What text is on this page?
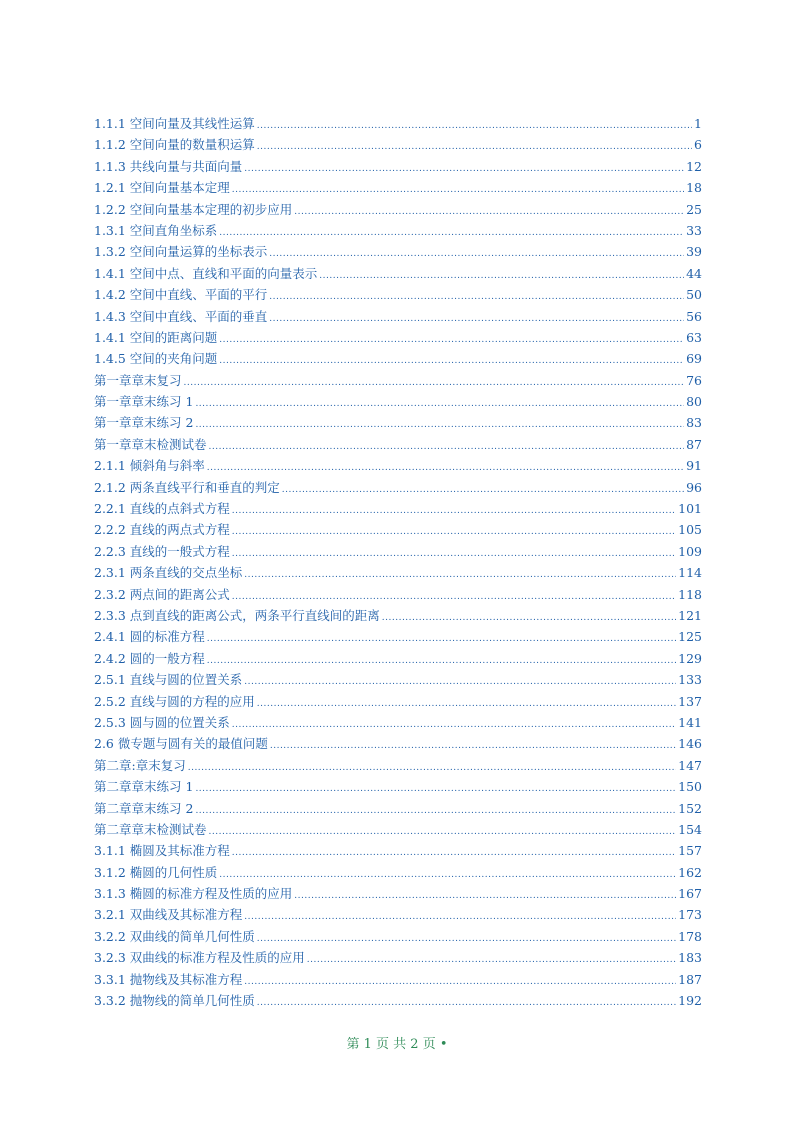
1.1.1 空间向量及其线性运算 .....	1
1.1.2 空间向量的数量积运算 .....	6
1.1.3 共线向量与共面向量 .....	12
1.2.1 空间向量基本定理 .....	18
1.2.2 空间向量基本定理的初步应用 .....	25
1.3.1 空间直角坐标系 .....	33
1.3.2 空间向量运算的坐标表示 .....	39
1.4.1 空间中点、直线和平面的向量表示 .....	44
1.4.2 空间中直线、平面的平行 .....	50
1.4.3 空间中直线、平面的垂直 .....	56
1.4.1 空间的距离问题 .....	63
1.4.5 空间的夹角问题 .....	69
第一章章末复习 .....	76
第一章章末练习 1 .....	80
第一章章末练习 2 .....	83
第一章章末检测试卷 .....	87
2.1.1 倾斜角与斜率 .....	91
2.1.2 两条直线平行和垂直的判定 .....	96
2.2.1 直线的点斜式方程 .....	101
2.2.2 直线的两点式方程 .....	105
2.2.3 直线的一般式方程 .....	109
2.3.1 两条直线的交点坐标 .....	114
2.3.2 两点间的距离公式 .....	118
2.3.3 点到直线的距离公式，两条平行直线间的距离 .....	121
2.4.1 圆的标准方程 .....	125
2.4.2 圆的一般方程 .....	129
2.5.1 直线与圆的位置关系 .....	133
2.5.2 直线与圆的方程的应用 .....	137
2.5.3 圆与圆的位置关系 .....	141
2.6 微专题与圆有关的最值问题 .....	146
第二章:章末复习 .....	147
第二章章末练习 1 .....	150
第二章章末练习 2 .....	152
第二章章末检测试卷 .....	154
3.1.1 椭圆及其标准方程 .....	157
3.1.2 椭圆的几何性质 .....	162
3.1.3 椭圆的标准方程及性质的应用 .....	167
3.2.1 双曲线及其标准方程 .....	173
3.2.2 双曲线的简单几何性质 .....	178
3.2.3 双曲线的标准方程及性质的应用 .....	183
3.3.1 抛物线及其标准方程 .....	187
3.3.2 抛物线的简单几何性质 .....	192
第 1 页 共 2 页 •
